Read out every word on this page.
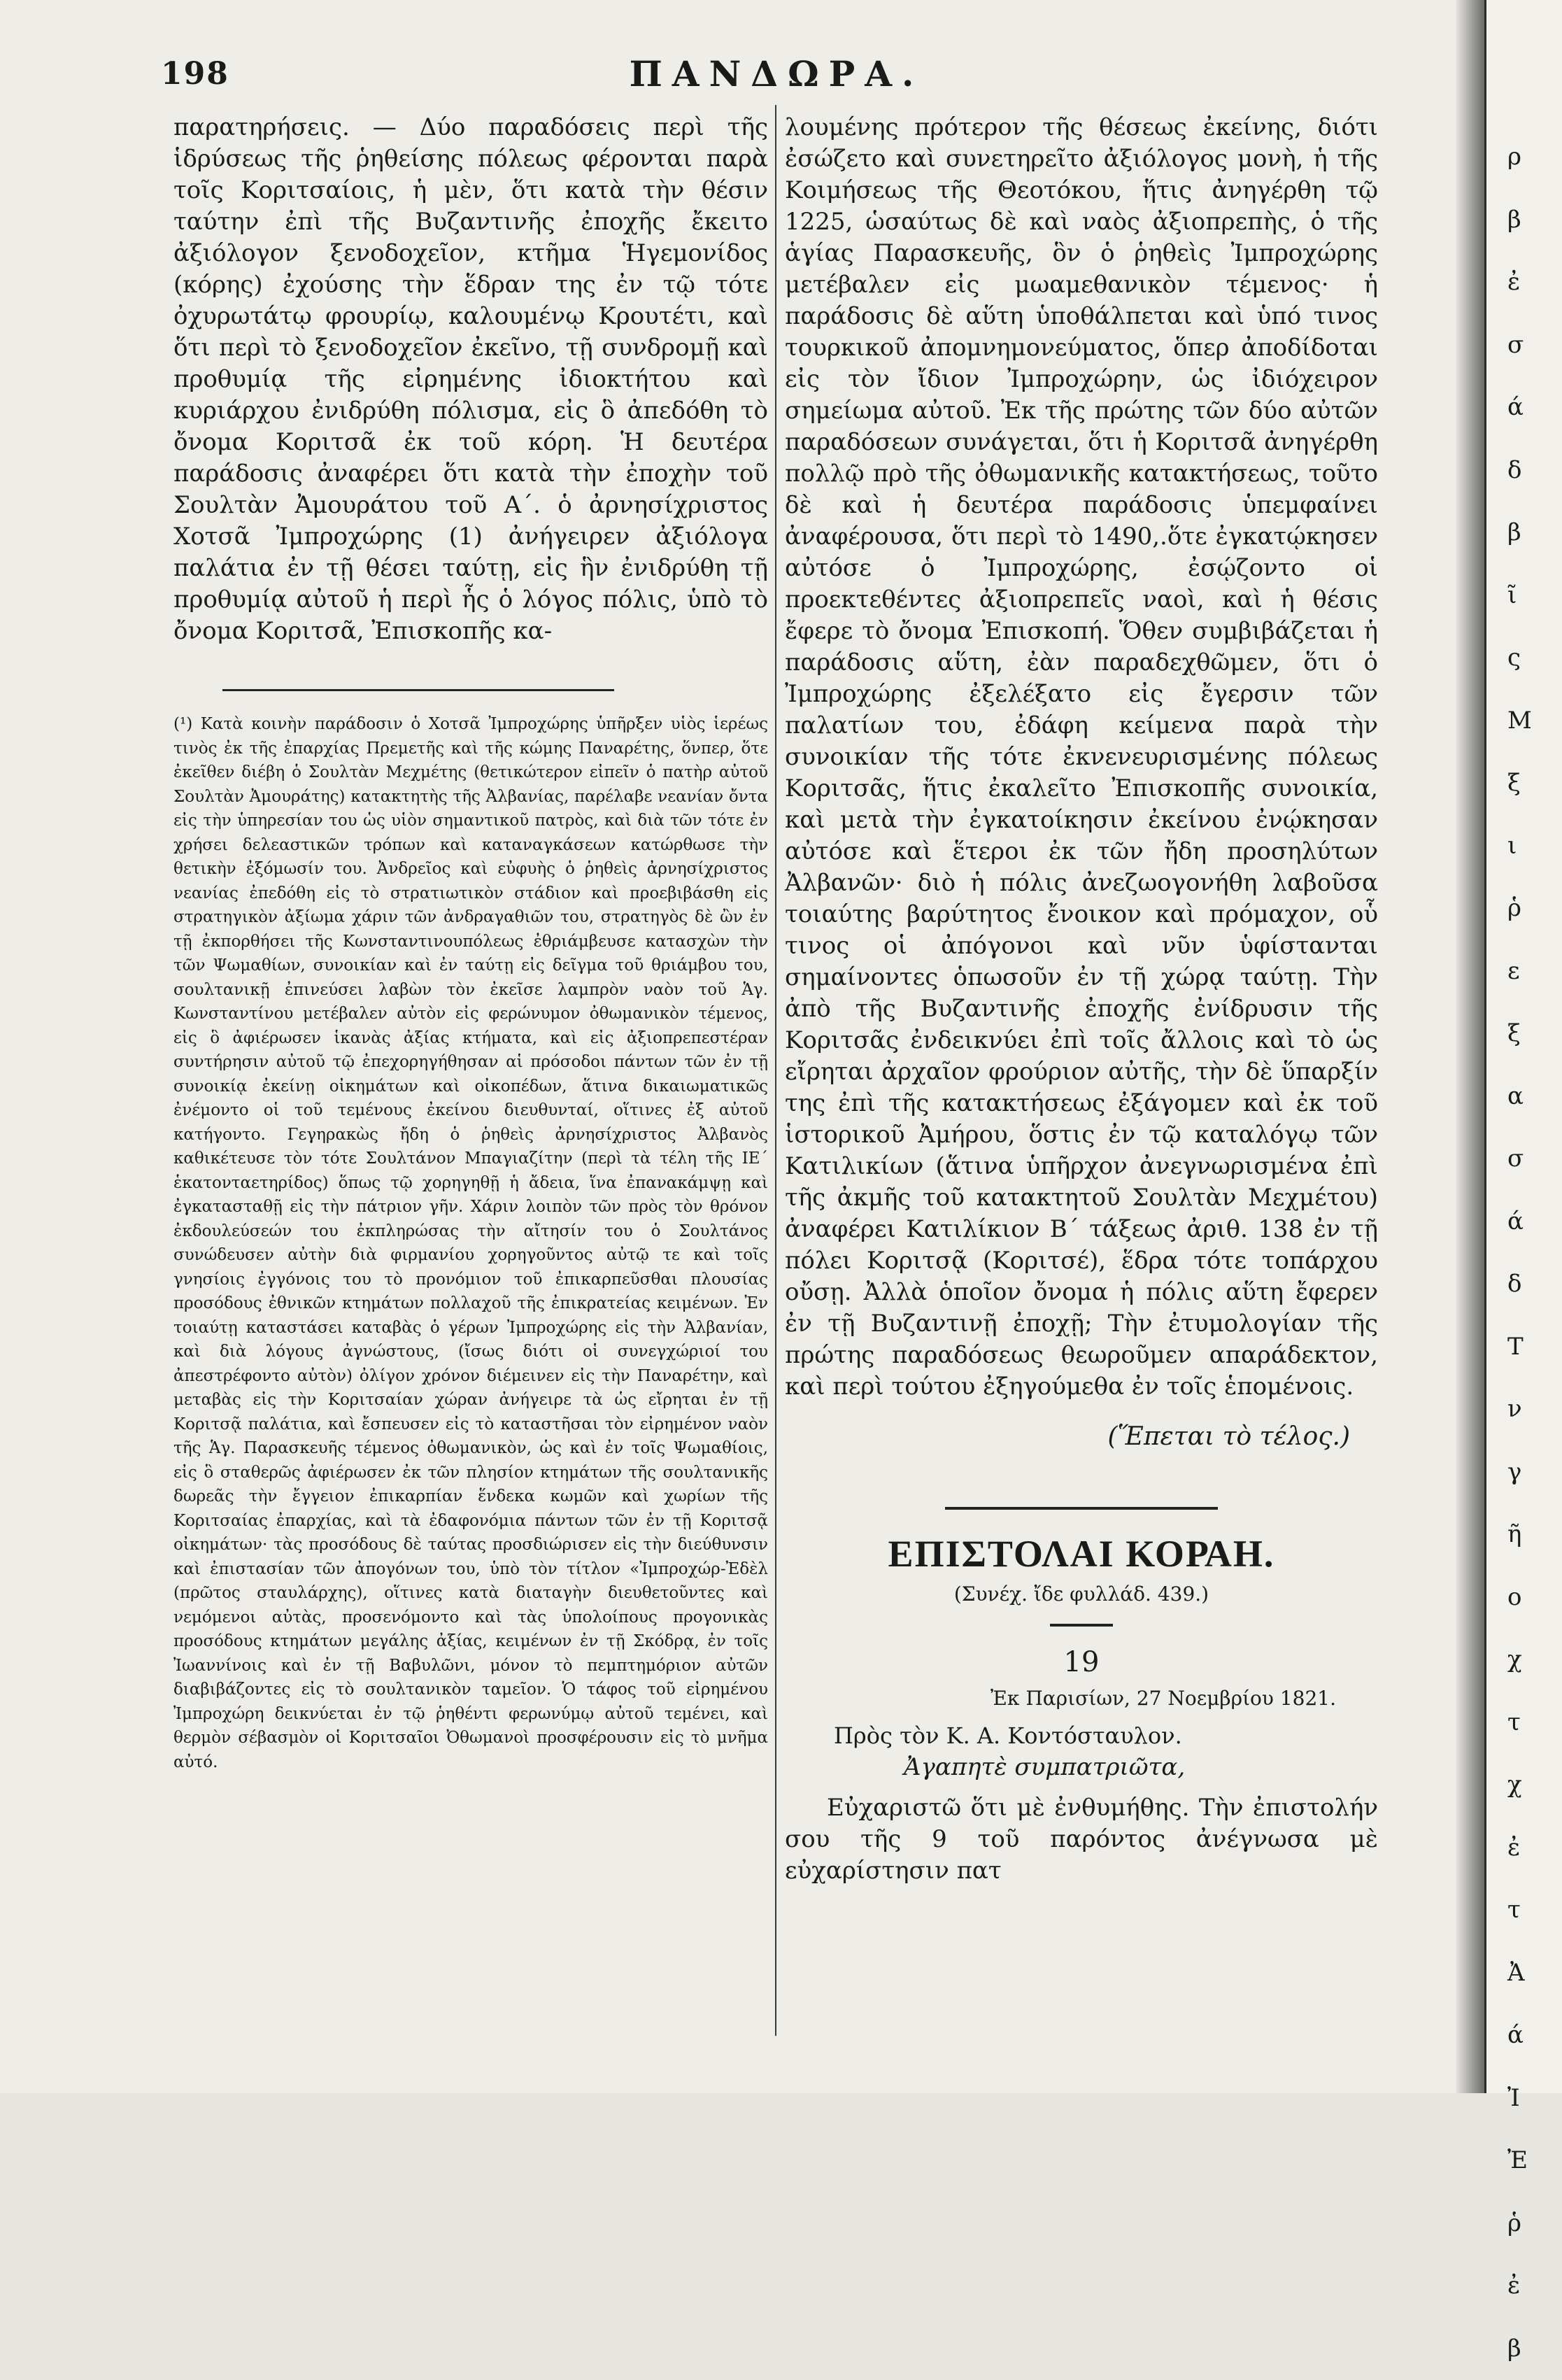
198	ΠΑΝΔΩΡΑ.

παρατηρήσεις. — Δύο παραδόσεις περὶ τῆς ἱδρύσεως τῆς ῥηθείσης πόλεως φέρονται παρὰ τοῖς Κοριτσαίοις, ἡ μὲν, ὅτι κατὰ τὴν θέσιν ταύτην ἐπὶ τῆς Βυζαντινῆς ἐποχῆς ἔκειτο ἀξιόλογον ξενοδοχεῖον, κτῆμα Ἡγεμονίδος (κόρης) ἐχούσης τὴν ἕδραν της ἐν τῷ τότε ὀχυρωτάτῳ φρουρίῳ, καλουμένῳ Κρουτέτι, καὶ ὅτι περὶ τὸ ξενοδοχεῖον ἐκεῖνο, τῇ συνδρομῇ καὶ προθυμίᾳ τῆς εἰρημένης ἰδιοκτήτου καὶ κυριάρχου ἐνιδρύθη πόλισμα, εἰς ὃ ἀπεδόθη τὸ ὄνομα Κοριτσᾶ ἐκ τοῦ κόρη. Ἡ δευτέρα παράδοσις ἀναφέρει ὅτι κατὰ τὴν ἐποχὴν τοῦ Σουλτὰν Ἀμουράτου τοῦ Α΄. ὁ ἀρνησίχριστος Χοτσᾶ Ἰμπροχώρης (1) ἀνήγειρεν ἀξιόλογα παλάτια ἐν τῇ θέσει ταύτῃ, εἰς ἣν ἐνιδρύθη τῇ προθυμίᾳ αὐτοῦ ἡ περὶ ἧς ὁ λόγος πόλις, ὑπὸ τὸ ὄνομα Κοριτσᾶ, Ἐπισκοπῆς κα-

(¹) Κατὰ κοινὴν παράδοσιν ὁ Χοτσᾶ Ἰμπροχώρης ὑπῆρξεν υἱὸς ἱερέως τινὸς ἐκ τῆς ἐπαρχίας Πρεμετῆς καὶ τῆς κώμης Παναρέτης, ὅνπερ, ὅτε ἐκεῖθεν διέβη ὁ Σουλτὰν Μεχμέτης (θετικώτερον εἰπεῖν ὁ πατὴρ αὐτοῦ Σουλτὰν Ἀμουράτης) κατακτητὴς τῆς Ἀλβανίας, παρέλαβε νεανίαν ὄντα εἰς τὴν ὑπηρεσίαν του ὡς υἱὸν σημαντικοῦ πατρὸς, καὶ διὰ τῶν τότε ἐν χρήσει δελεαστικῶν τρόπων καὶ καταναγκάσεων κατώρθωσε τὴν θετικὴν ἐξόμωσίν του. Ἀνδρεῖος καὶ εὐφυὴς ὁ ῥηθεὶς ἀρνησίχριστος νεανίας ἐπεδόθη εἰς τὸ στρατιωτικὸν στάδιον καὶ προεβιβάσθη εἰς στρατηγικὸν ἀξίωμα χάριν τῶν ἀνδραγαθιῶν του, στρατηγὸς δὲ ὢν ἐν τῇ ἐκπορθήσει τῆς Κωνσταντινουπόλεως ἐθριάμβευσε κατασχὼν τὴν τῶν Ψωμαθίων, συνοικίαν καὶ ἐν ταύτῃ εἰς δεῖγμα τοῦ θριάμβου του, σουλτανικῇ ἐπινεύσει λαβὼν τὸν ἐκεῖσε λαμπρὸν ναὸν τοῦ Ἁγ. Κωνσταντίνου μετέβαλεν αὐτὸν εἰς φερώνυμον ὀθωμανικὸν τέμενος, εἰς ὃ ἀφιέρωσεν ἱκανὰς ἀξίας κτήματα, καὶ εἰς ἀξιοπρεπεστέραν συντήρησιν αὐτοῦ τῷ ἐπεχορηγήθησαν αἱ πρόσοδοι πάντων τῶν ἐν τῇ συνοικίᾳ ἐκείνῃ οἰκημάτων καὶ οἰκοπέδων, ἅτινα δικαιωματικῶς ἐνέμοντο οἱ τοῦ τεμένους ἐκείνου διευθυνταί, οἵτινες ἐξ αὐτοῦ κατήγοντο. Γεγηρακὼς ἤδη ὁ ῥηθεὶς ἀρνησίχριστος Ἀλβανὸς καθικέτευσε τὸν τότε Σουλτάνον Μπαγιαζίτην (περὶ τὰ τέλη τῆς ΙΕ΄ ἑκατονταετηρίδος) ὅπως τῷ χορηγηθῇ ἡ ἄδεια, ἵνα ἐπανακάμψῃ καὶ ἐγκατασταθῇ εἰς τὴν πάτριον γῆν. Χάριν λοιπὸν τῶν πρὸς τὸν θρόνον ἐκδουλεύσεών του ἐκπληρώσας τὴν αἴτησίν του ὁ Σουλτάνος συνώδευσεν αὐτὴν διὰ φιρμανίου χορηγοῦντος αὐτῷ τε καὶ τοῖς γνησίοις ἐγγόνοις του τὸ προνόμιον τοῦ ἐπικαρπεῦσθαι πλουσίας προσόδους ἐθνικῶν κτημάτων πολλαχοῦ τῆς ἐπικρατείας κειμένων. Ἐν τοιαύτῃ καταστάσει καταβὰς ὁ γέρων Ἰμπροχώρης εἰς τὴν Ἀλβανίαν, καὶ διὰ λόγους ἀγνώστους, (ἴσως διότι οἱ συνεγχώριοί του ἀπεστρέφοντο αὐτὸν) ὀλίγον χρόνον διέμεινεν εἰς τὴν Παναρέτην, καὶ μεταβὰς εἰς τὴν Κοριτσαίαν χώραν ἀνήγειρε τὰ ὡς εἴρηται ἐν τῇ Κοριτσᾷ παλάτια, καὶ ἔσπευσεν εἰς τὸ καταστῆσαι τὸν εἰρημένον ναὸν τῆς Ἁγ. Παρασκευῆς τέμενος ὀθωμανικὸν, ὡς καὶ ἐν τοῖς Ψωμαθίοις, εἰς ὃ σταθερῶς ἀφιέρωσεν ἐκ τῶν πλησίον κτημάτων τῆς σουλτανικῆς δωρεᾶς τὴν ἔγγειον ἐπικαρπίαν ἕνδεκα κωμῶν καὶ χωρίων τῆς Κοριτσαίας ἐπαρχίας, καὶ τὰ ἐδαφονόμια πάντων τῶν ἐν τῇ Κοριτσᾷ οἰκημάτων· τὰς προσόδους δὲ ταύτας προσδιώρισεν εἰς τὴν διεύθυνσιν καὶ ἐπιστασίαν τῶν ἀπογόνων του, ὑπὸ τὸν τίτλον «Ἰμπροχώρ-Ἐδὲλ (πρῶτος σταυλάρχης), οἵτινες κατὰ διαταγὴν διευθετοῦντες καὶ νεμόμενοι αὐτὰς, προσενόμοντο καὶ τὰς ὑπολοίπους προγονικὰς προσόδους κτημάτων μεγάλης ἀξίας, κειμένων ἐν τῇ Σκόδρᾳ, ἐν τοῖς Ἰωαννίνοις καὶ ἐν τῇ Βαβυλῶνι, μόνον τὸ πεμπτημόριον αὐτῶν διαβιβάζοντες εἰς τὸ σουλτανικὸν ταμεῖον. Ὁ τάφος τοῦ εἰρημένου Ἰμπροχώρη δεικνύεται ἐν τῷ ῥηθέντι φερωνύμῳ αὐτοῦ τεμένει, καὶ θερμὸν σέβασμὸν οἱ Κοριτσαῖοι Ὀθωμανοὶ προσφέρουσιν εἰς τὸ μνῆμα αὐτό.

λουμένης πρότερον τῆς θέσεως ἐκείνης, διότι ἐσώζετο καὶ συνετηρεῖτο ἀξιόλογος μονὴ, ἡ τῆς Κοιμήσεως τῆς Θεοτόκου, ἥτις ἀνηγέρθη τῷ 1225, ὡσαύτως δὲ καὶ ναὸς ἀξιοπρεπὴς, ὁ τῆς ἁγίας Παρασκευῆς, ὃν ὁ ῥηθεὶς Ἰμπροχώρης μετέβαλεν εἰς μωαμεθανικὸν τέμενος· ἡ παράδοσις δὲ αὕτη ὑποθάλπεται καὶ ὑπό τινος τουρκικοῦ ἀπομνημονεύματος, ὅπερ ἀποδίδοται εἰς τὸν ἴδιον Ἰμπροχώρην, ὡς ἰδιόχειρον σημείωμα αὐτοῦ. Ἐκ τῆς πρώτης τῶν δύο αὐτῶν παραδόσεων συνάγεται, ὅτι ἡ Κοριτσᾶ ἀνηγέρθη πολλῷ πρὸ τῆς ὀθωμανικῆς κατακτήσεως, τοῦτο δὲ καὶ ἡ δευτέρα παράδοσις ὑπεμφαίνει ἀναφέρουσα, ὅτι περὶ τὸ 1490,.ὅτε ἐγκατῴκησεν αὐτόσε ὁ Ἰμπροχώρης, ἐσῴζοντο οἱ προεκτεθέντες ἀξιοπρεπεῖς ναοὶ, καὶ ἡ θέσις ἔφερε τὸ ὄνομα Ἐπισκοπή. Ὅθεν συμβιβάζεται ἡ παράδοσις αὕτη, ἐὰν παραδεχθῶμεν, ὅτι ὁ Ἰμπροχώρης ἐξελέξατο εἰς ἔγερσιν τῶν παλατίων του, ἐδάφη κείμενα παρὰ τὴν συνοικίαν τῆς τότε ἐκνενευρισμένης πόλεως Κοριτσᾶς, ἥτις ἐκαλεῖτο Ἐπισκοπῆς συνοικία, καὶ μετὰ τὴν ἐγκατοίκησιν ἐκείνου ἐνῴκησαν αὐτόσε καὶ ἕτεροι ἐκ τῶν ἤδη προσηλύτων Ἀλβανῶν· διὸ ἡ πόλις ἀνεζωογονήθη λαβοῦσα τοιαύτης βαρύτητος ἔνοικον καὶ πρόμαχον, οὗ τινος οἱ ἀπόγονοι καὶ νῦν ὑφίστανται σημαίνοντες ὁπωσοῦν ἐν τῇ χώρᾳ ταύτῃ. Τὴν ἀπὸ τῆς Βυζαντινῆς ἐποχῆς ἐνίδρυσιν τῆς Κοριτσᾶς ἐνδεικνύει ἐπὶ τοῖς ἄλλοις καὶ τὸ ὡς εἴρηται ἀρχαῖον φρούριον αὐτῆς, τὴν δὲ ὕπαρξίν της ἐπὶ τῆς κατακτήσεως ἐξάγομεν καὶ ἐκ τοῦ ἱστορικοῦ Ἀμήρου, ὅστις ἐν τῷ καταλόγῳ τῶν Κατιλικίων (ἅτινα ὑπῆρχον ἀνεγνωρισμένα ἐπὶ τῆς ἀκμῆς τοῦ κατακτητοῦ Σουλτὰν Μεχμέτου) ἀναφέρει Κατιλίκιον Β΄ τάξεως ἀριθ. 138 ἐν τῇ πόλει Κοριτσᾷ (Κοριτσέ), ἕδρα τότε τοπάρχου οὔσῃ. Ἀλλὰ ὁποῖον ὄνομα ἡ πόλις αὕτη ἔφερεν ἐν τῇ Βυζαντινῇ ἐποχῇ; Τὴν ἐτυμολογίαν τῆς πρώτης παραδόσεως θεωροῦμεν απαράδεκτον, καὶ περὶ τούτου ἐξηγούμεθα ἐν τοῖς ἑπομένοις.

(Ἕπεται τὸ τέλος.)
ΕΠΙΣΤΟΛΑΙ ΚΟΡΑΗ.
(Συνέχ. ἴδε φυλλάδ. 439.)
19
Ἐκ Παρισίων, 27 Νοεμβρίου 1821.
Πρὸς τὸν Κ. Α. Κοντόσταυλον.
Ἀγαπητὲ συμπατριῶτα,

Εὐχαριστῶ ὅτι μὲ ἐνθυμήθης. Τὴν ἐπιστολήν σου τῆς 9 τοῦ παρόντος ἀνέγνωσα μὲ εὐχαρίστησιν πατ

ρ
β
ἐ
σ
ά
δ
β
ῖ
ς
Μ
ξ
ι
ῥ
ε
ξ
α
σ
ά
δ
Τ
ν
γ
ῆ
ο
χ
τ
χ
ἐ
τ
Ἀ
ά
Ἰ
Ἐ
ῥ
ἐ
β
